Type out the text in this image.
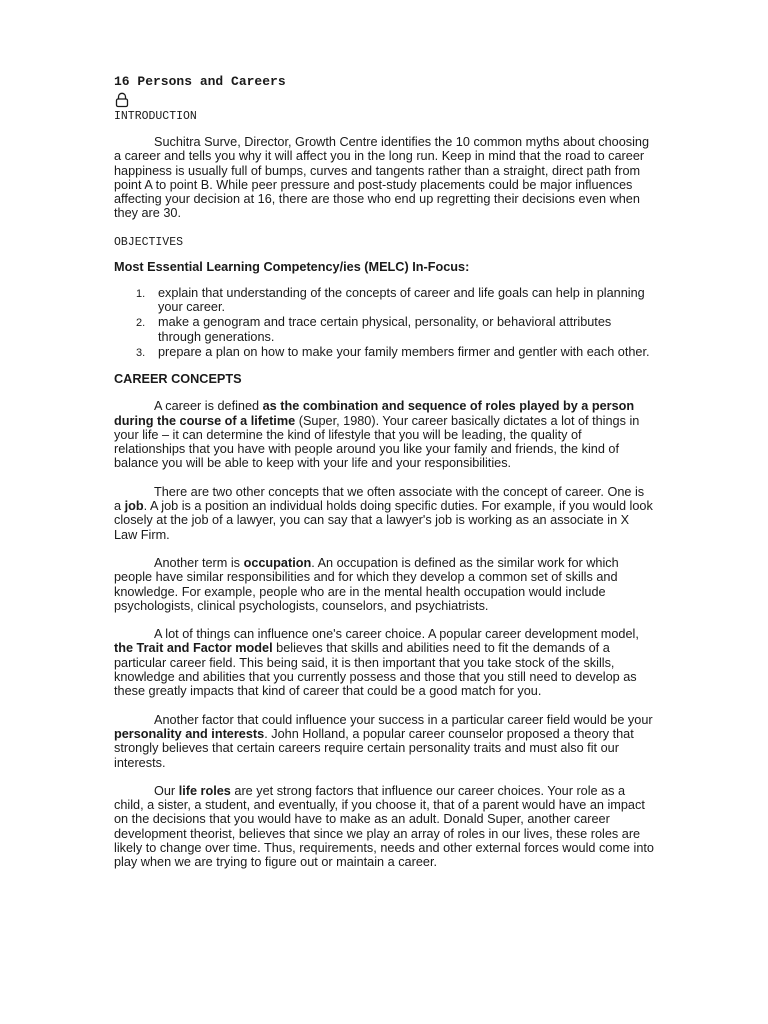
16 Persons and Careers
INTRODUCTION

Suchitra Surve, Director, Growth Centre identifies the 10 common myths about choosing a career and tells you why it will affect you in the long run. Keep in mind that the road to career happiness is usually full of bumps, curves and tangents rather than a straight, direct path from point A to point B. While peer pressure and post-study placements could be major influences affecting your decision at 16, there are those who end up regretting their decisions even when they are 30.

OBJECTIVES
Most Essential Learning Competency/ies (MELC) In-Focus:
1. explain that understanding of the concepts of career and life goals can help in planning your career.
2. make a genogram and trace certain physical, personality, or behavioral attributes through generations.
3. prepare a plan on how to make your family members firmer and gentler with each other.
CAREER CONCEPTS

A career is defined as the combination and sequence of roles played by a person during the course of a lifetime (Super, 1980). Your career basically dictates a lot of things in your life – it can determine the kind of lifestyle that you will be leading, the quality of relationships that you have with people around you like your family and friends, the kind of balance you will be able to keep with your life and your responsibilities.

There are two other concepts that we often associate with the concept of career. One is a job. A job is a position an individual holds doing specific duties. For example, if you would look closely at the job of a lawyer, you can say that a lawyer's job is working as an associate in X Law Firm.

Another term is occupation. An occupation is defined as the similar work for which people have similar responsibilities and for which they develop a common set of skills and knowledge. For example, people who are in the mental health occupation would include psychologists, clinical psychologists, counselors, and psychiatrists.

A lot of things can influence one's career choice. A popular career development model, the Trait and Factor model believes that skills and abilities need to fit the demands of a particular career field. This being said, it is then important that you take stock of the skills, knowledge and abilities that you currently possess and those that you still need to develop as these greatly impacts that kind of career that could be a good match for you.

Another factor that could influence your success in a particular career field would be your personality and interests. John Holland, a popular career counselor proposed a theory that strongly believes that certain careers require certain personality traits and must also fit our interests.

Our life roles are yet strong factors that influence our career choices. Your role as a child, a sister, a student, and eventually, if you choose it, that of a parent would have an impact on the decisions that you would have to make as an adult. Donald Super, another career development theorist, believes that since we play an array of roles in our lives, these roles are likely to change over time. Thus, requirements, needs and other external forces would come into play when we are trying to figure out or maintain a career.
